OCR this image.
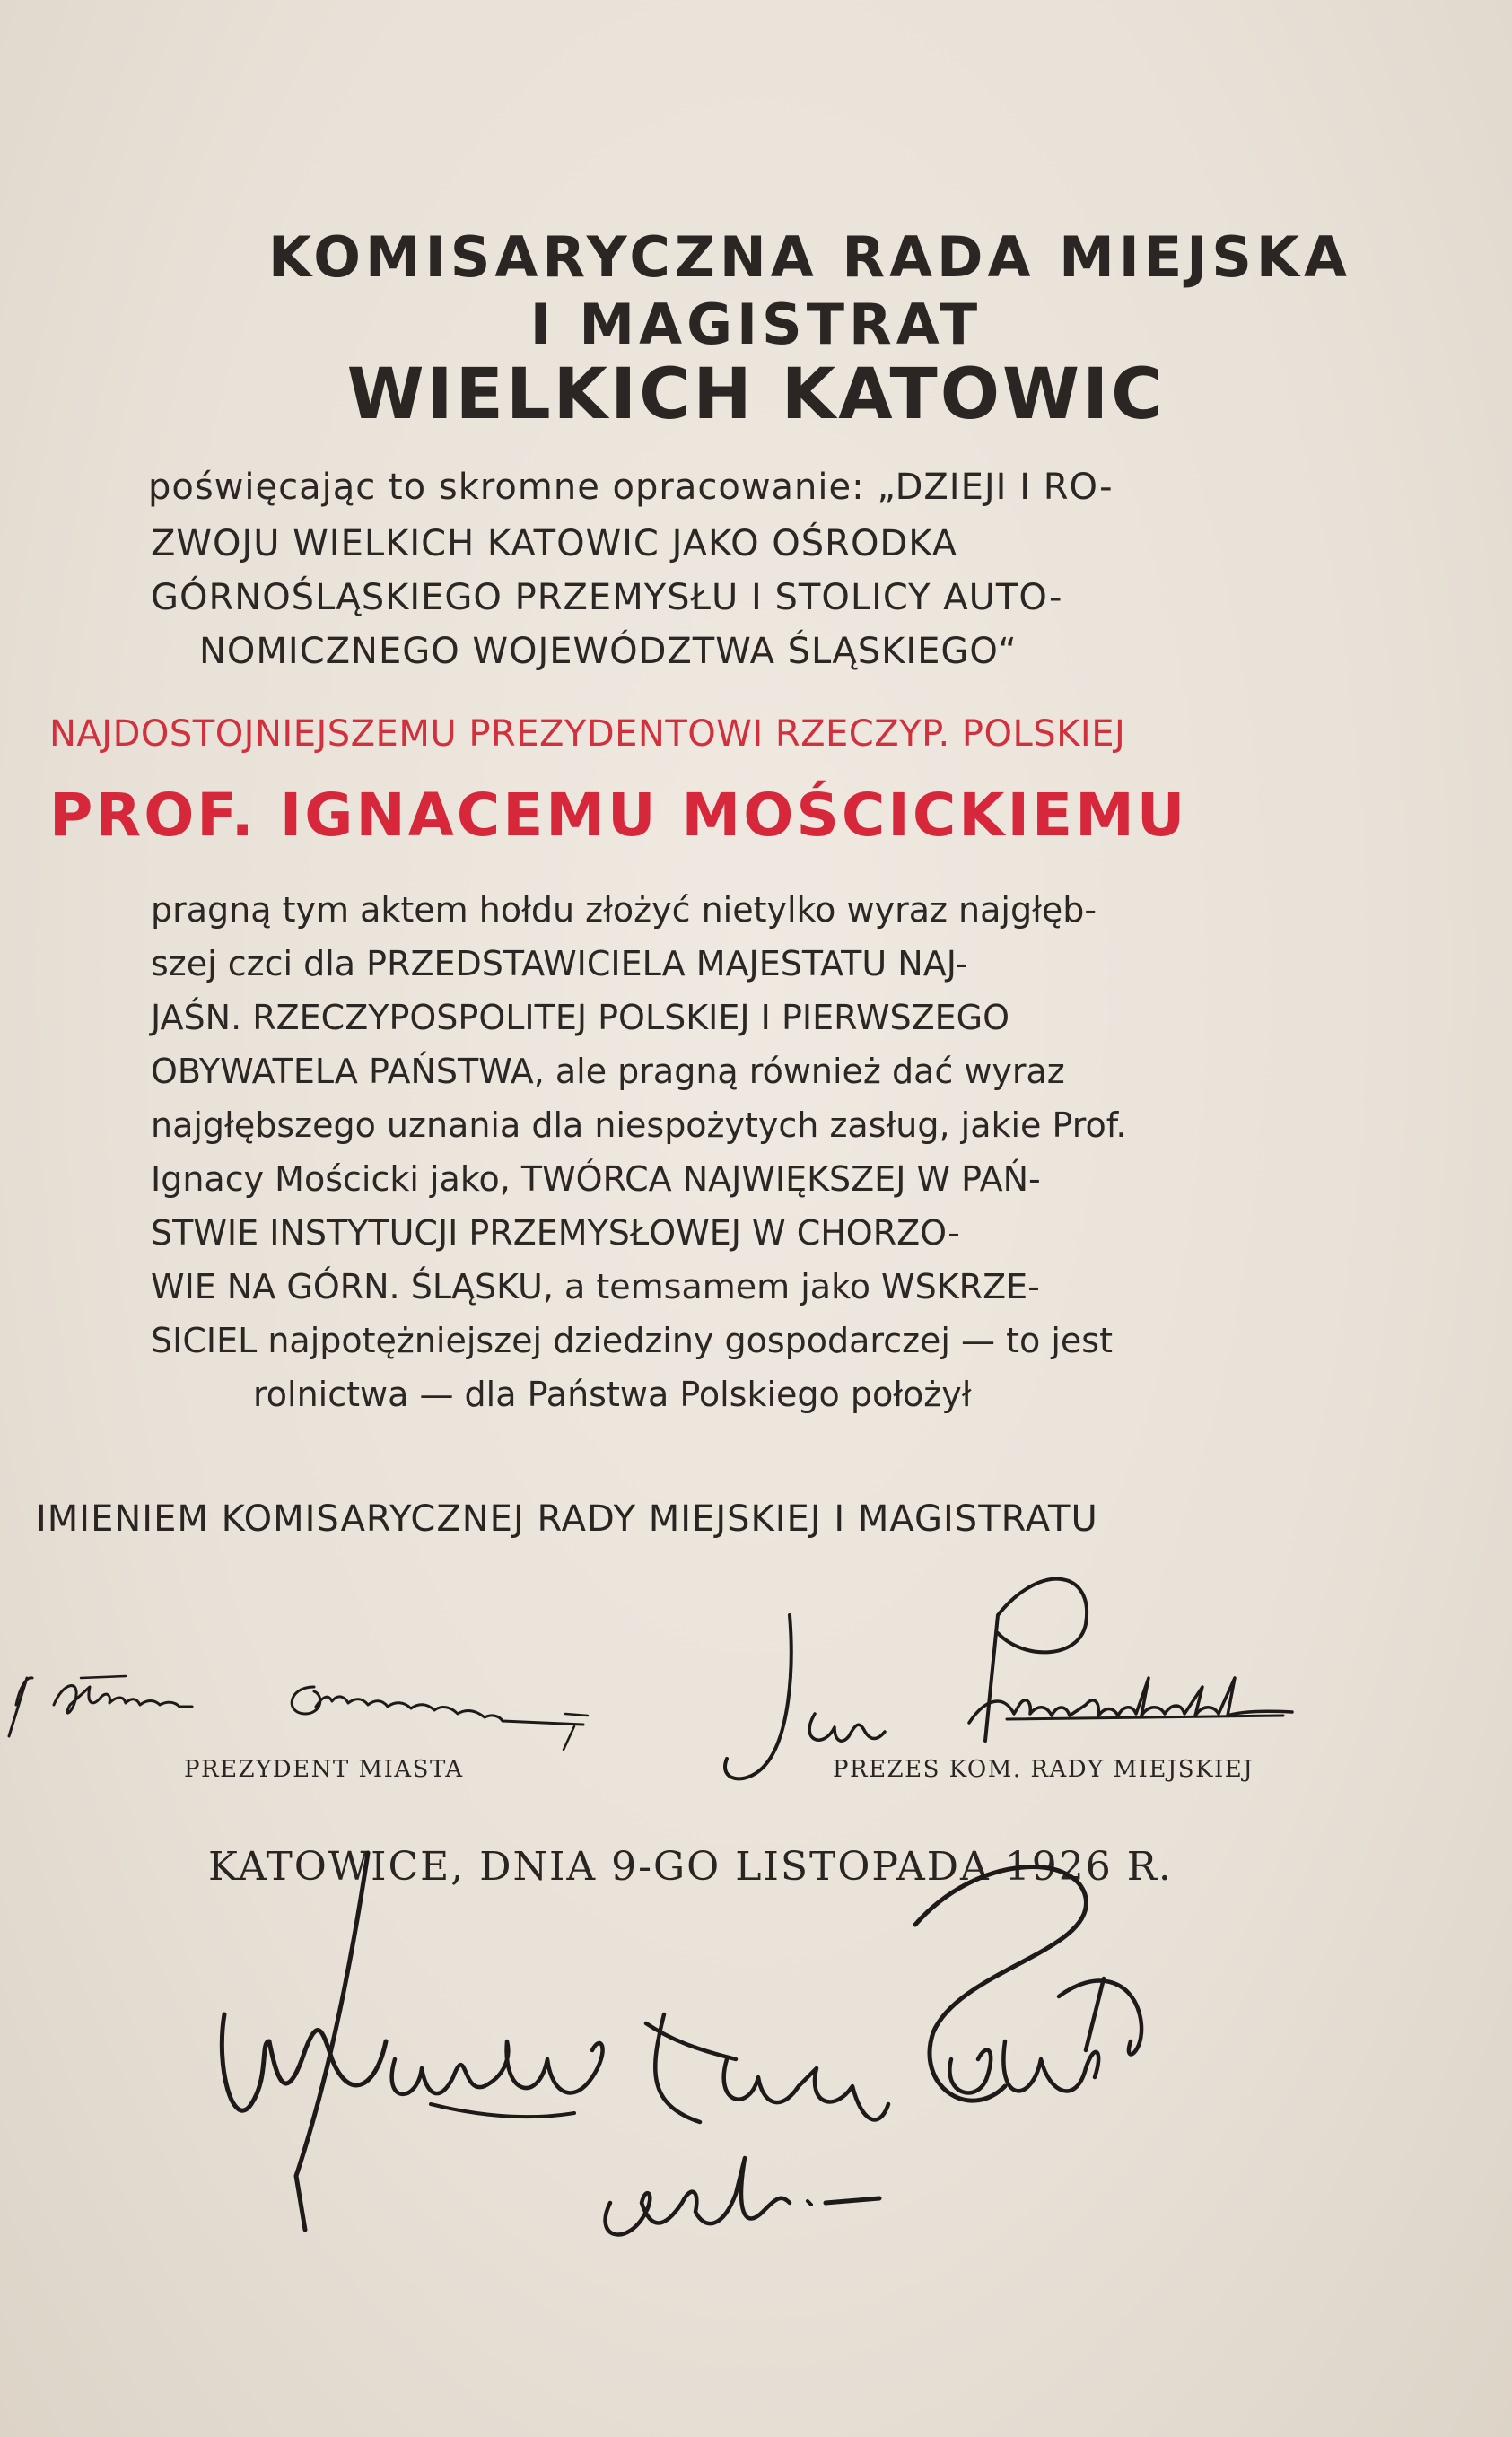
KOMISARYCZNA RADA MIEJSKA
I MAGISTRAT
WIELKICH KATOWIC
poświęcając to skromne opracowanie: „DZIEJI I RO-
ZWOJU WIELKICH KATOWIC JAKO OŚRODKA
GÓRNOŚLĄSKIEGO PRZEMYSŁU I STOLICY AUTO-
NOMICZNEGO WOJEWÓDZTWA ŚLĄSKIEGO“
NAJDOSTOJNIEJSZEMU PREZYDENTOWI RZECZYP. POLSKIEJ
PROF. IGNACEMU MOŚCICKIEMU
pragną tym aktem hołdu złożyć nietylko wyraz najgłęb-
szej czci dla PRZEDSTAWICIELA MAJESTATU NAJ-
JAŚN. RZECZYPOSPOLITEJ POLSKIEJ I PIERWSZEGO
OBYWATELA PAŃSTWA, ale pragną również dać wyraz
najgłębszego uznania dla niespożytych zasług, jakie Prof.
Ignacy Mościcki jako, TWÓRCA NAJWIĘKSZEJ W PAŃ-
STWIE INSTYTUCJI PRZEMYSŁOWEJ W CHORZO-
WIE NA GÓRN. ŚLĄSKU, a temsamem jako WSKRZE-
SICIEL najpotężniejszej dziedziny gospodarczej — to jest
rolnictwa — dla Państwa Polskiego położył
IMIENIEM KOMISARYCZNEJ RADY MIEJSKIEJ I MAGISTRATU
PREZYDENT MIASTA	PREZES KOM. RADY MIEJSKIEJ
KATOWICE, DNIA 9-GO LISTOPADA 1926 R.
